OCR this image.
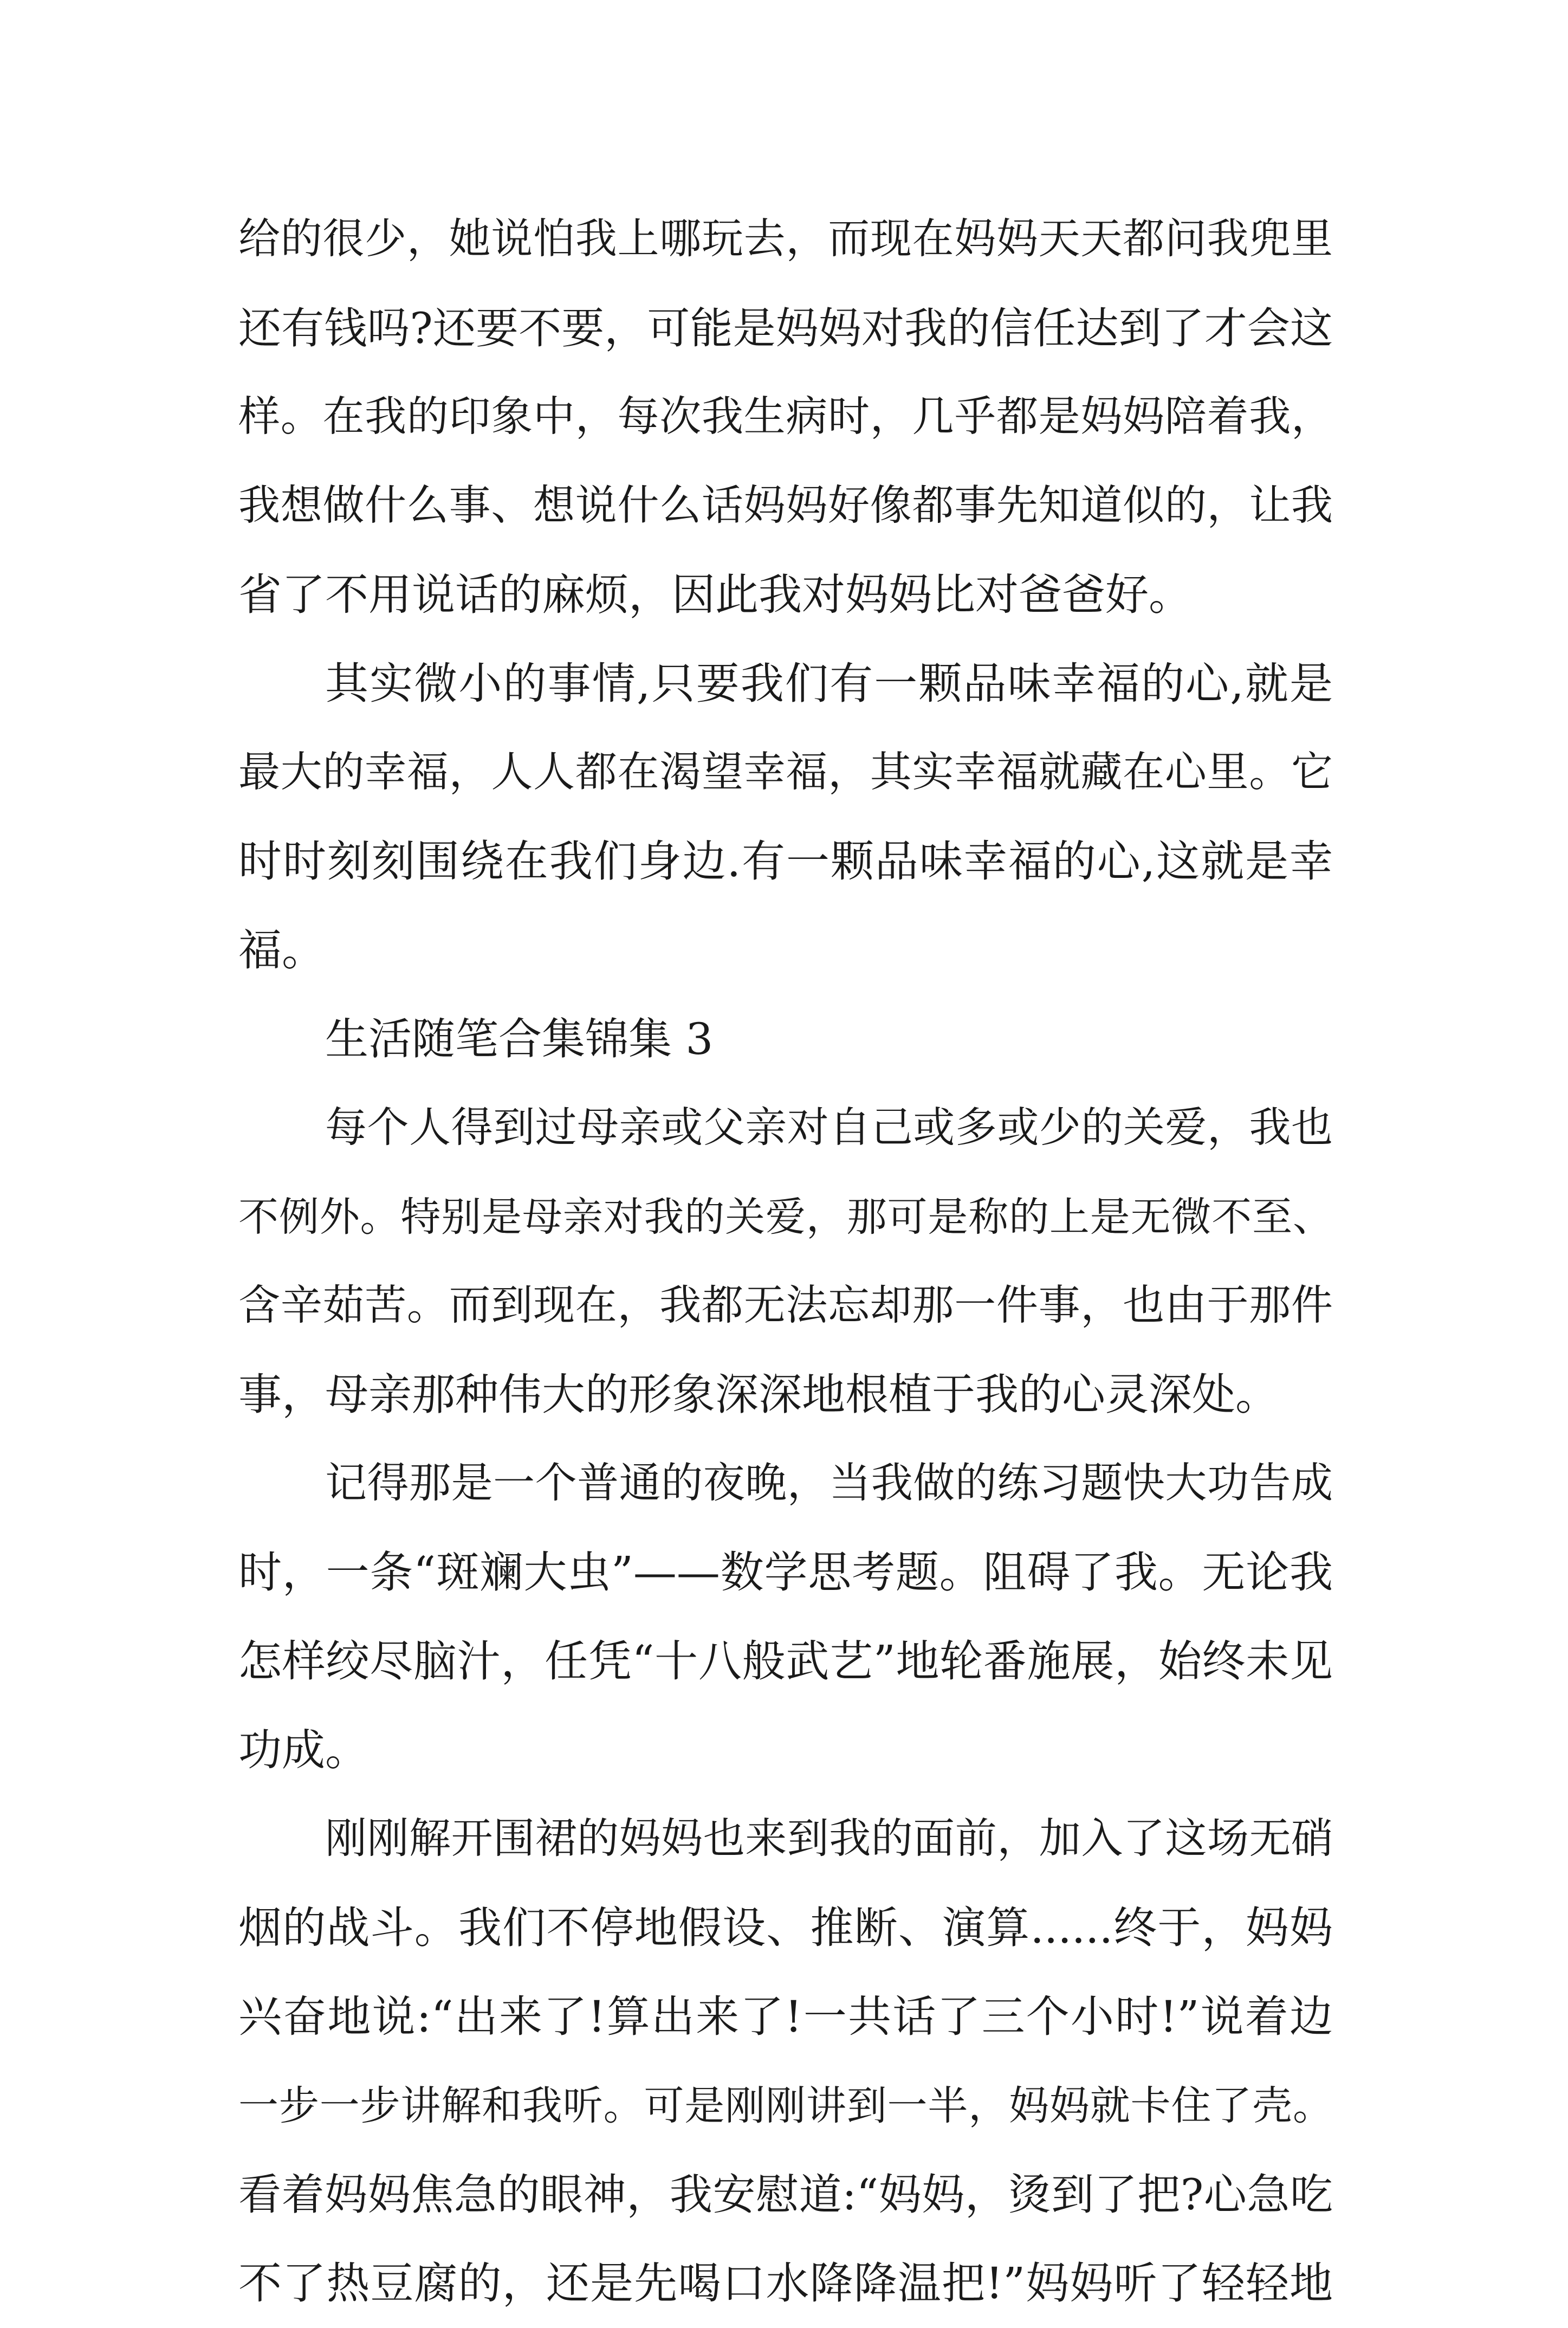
给的很少，她说怕我上哪玩去，而现在妈妈天天都问我兜里
还有钱吗?还要不要，可能是妈妈对我的信任达到了才会这
样。在我的印象中，每次我生病时，几乎都是妈妈陪着我，
我想做什么事、想说什么话妈妈好像都事先知道似的，让我
省了不用说话的麻烦，因此我对妈妈比对爸爸好。
其实微小的事情,只要我们有一颗品味幸福的心,就是
最大的幸福，人人都在渴望幸福，其实幸福就藏在心里。它
时时刻刻围绕在我们身边.有一颗品味幸福的心,这就是幸
福。
生活随笔合集锦集 3
每个人得到过母亲或父亲对自己或多或少的关爱，我也
不例外。特别是母亲对我的关爱，那可是称的上是无微不至、
含辛茹苦。而到现在，我都无法忘却那一件事，也由于那件
事，母亲那种伟大的形象深深地根植于我的心灵深处。
记得那是一个普通的夜晚，当我做的练习题快大功告成
时，一条“斑斓大虫”——数学思考题。阻碍了我。无论我
怎样绞尽脑汁，任凭“十八般武艺”地轮番施展，始终未见
功成。
刚刚解开围裙的妈妈也来到我的面前，加入了这场无硝
烟的战斗。我们不停地假设、推断、演算......终于，妈妈
兴奋地说:“出来了!算出来了!一共话了三个小时!”说着边
一步一步讲解和我听。可是刚刚讲到一半，妈妈就卡住了壳。
看着妈妈焦急的眼神，我安慰道:“妈妈，烫到了把?心急吃
不了热豆腐的，还是先喝口水降降温把!”妈妈听了轻轻地
